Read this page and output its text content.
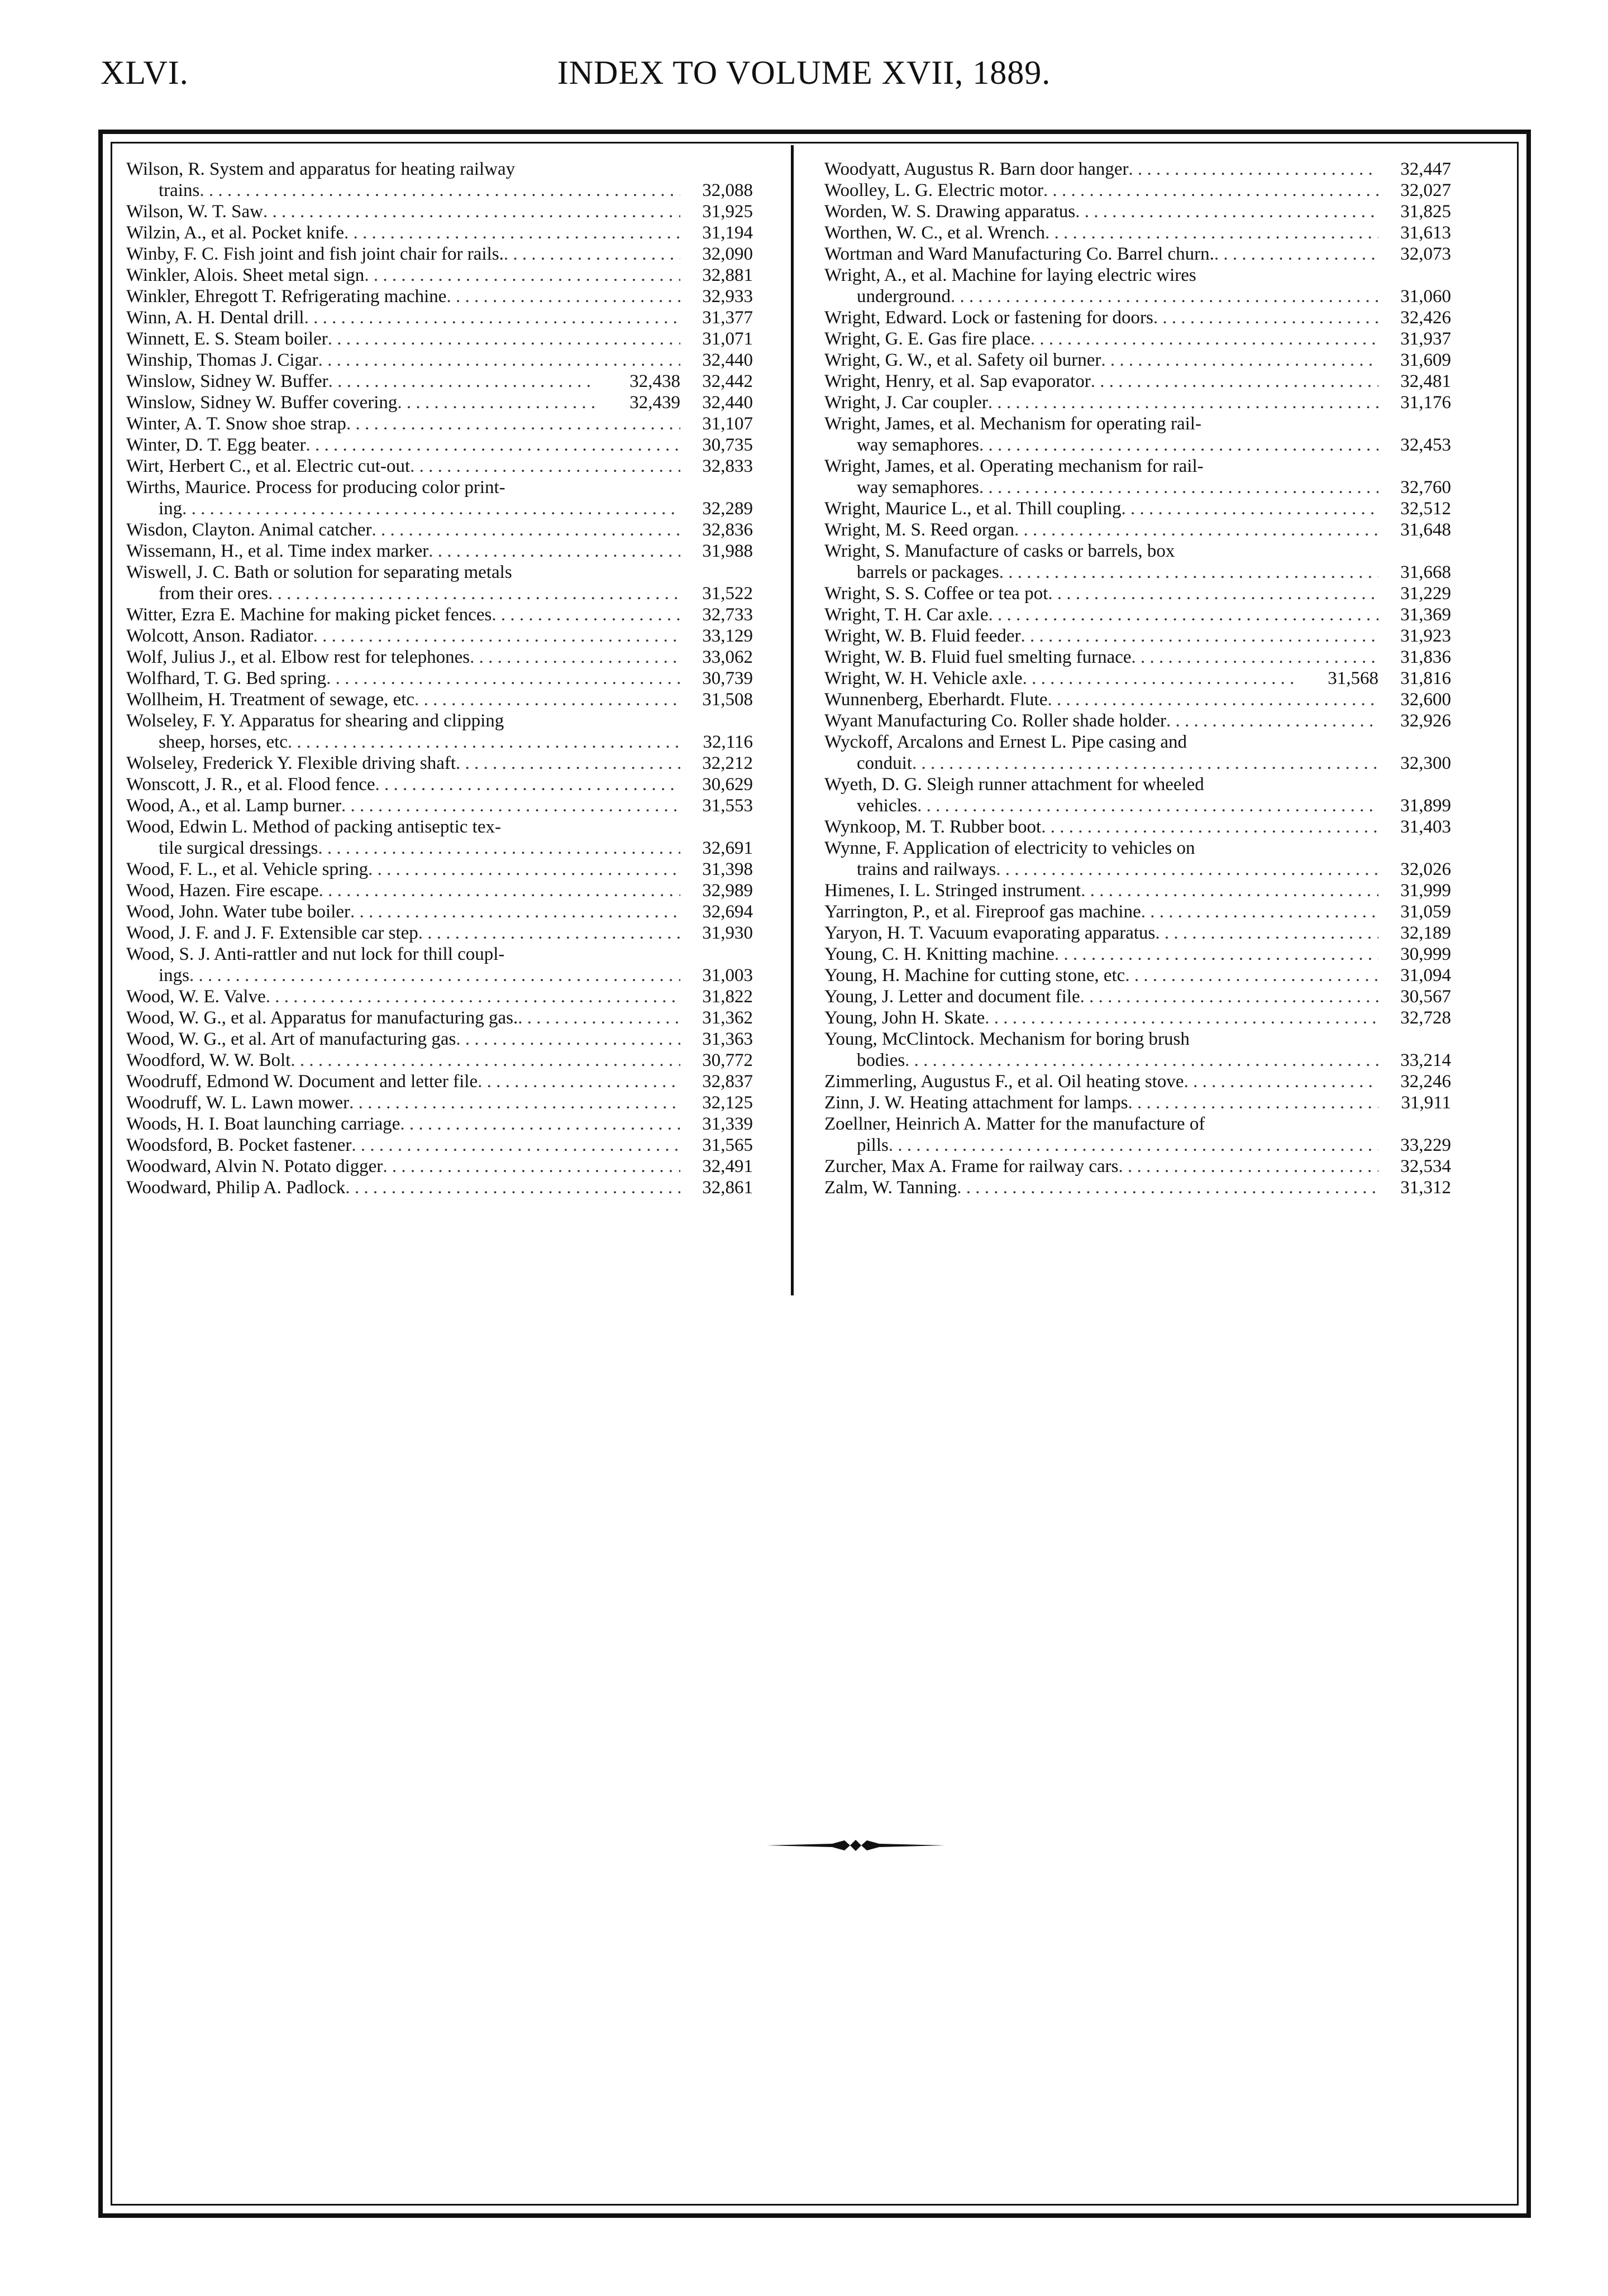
XLVI.	INDEX TO VOLUME XVII, 1889.
Wilson, R. System and apparatus for heating railway
trains . . .	32,088
Wilson, W. T. Saw . . .	31,925
Wilzin, A., et al. Pocket knife . . .	31,194
Winby, F. C. Fish joint and fish joint chair for rails. . . .	32,090
Winkler, Alois. Sheet metal sign . . .	32,881
Winkler, Ehregott T. Refrigerating machine . . .	32,933
Winn, A. H. Dental drill . . .	31,377
Winnett, E. S. Steam boiler . . .	31,071
Winship, Thomas J. Cigar . . .	32,440
Winslow, Sidney W. Buffer . . .	32,438	32,442
Winslow, Sidney W. Buffer covering . . .	32,439	32,440
Winter, A. T. Snow shoe strap . . .	31,107
Winter, D. T. Egg beater . . .	30,735
Wirt, Herbert C., et al. Electric cut-out . . .	32,833
Wirths, Maurice. Process for producing color print-
ing . . .	32,289
Wisdon, Clayton. Animal catcher . . .	32,836
Wissemann, H., et al. Time index marker . . .	31,988
Wiswell, J. C. Bath or solution for separating metals
from their ores . . .	31,522
Witter, Ezra E. Machine for making picket fences . . .	32,733
Wolcott, Anson. Radiator . . .	33,129
Wolf, Julius J., et al. Elbow rest for telephones . . .	33,062
Wolfhard, T. G. Bed spring . . .	30,739
Wollheim, H. Treatment of sewage, etc . . .	31,508
Wolseley, F. Y. Apparatus for shearing and clipping
sheep, horses, etc . . .	32,116
Wolseley, Frederick Y. Flexible driving shaft . . .	32,212
Wonscott, J. R., et al. Flood fence . . .	30,629
Wood, A., et al. Lamp burner . . .	31,553
Wood, Edwin L. Method of packing antiseptic tex-
tile surgical dressings . . .	32,691
Wood, F. L., et al. Vehicle spring . . .	31,398
Wood, Hazen. Fire escape . . .	32,989
Wood, John. Water tube boiler . . .	32,694
Wood, J. F. and J. F. Extensible car step . . .	31,930
Wood, S. J. Anti-rattler and nut lock for thill coupl-
ings . . .	31,003
Wood, W. E. Valve . . .	31,822
Wood, W. G., et al. Apparatus for manufacturing gas. . . .	31,362
Wood, W. G., et al. Art of manufacturing gas . . .	31,363
Woodford, W. W. Bolt . . .	30,772
Woodruff, Edmond W. Document and letter file . . .	32,837
Woodruff, W. L. Lawn mower . . .	32,125
Woods, H. I. Boat launching carriage . . .	31,339
Woodsford, B. Pocket fastener . . .	31,565
Woodward, Alvin N. Potato digger . . .	32,491
Woodward, Philip A. Padlock . . .	32,861
Woodyatt, Augustus R. Barn door hanger . . .	32,447
Woolley, L. G. Electric motor . . .	32,027
Worden, W. S. Drawing apparatus . . .	31,825
Worthen, W. C., et al. Wrench . . .	31,613
Wortman and Ward Manufacturing Co. Barrel churn. . . .	32,073
Wright, A., et al. Machine for laying electric wires
underground . . .	31,060
Wright, Edward. Lock or fastening for doors . . .	32,426
Wright, G. E. Gas fire place . . .	31,937
Wright, G. W., et al. Safety oil burner . . .	31,609
Wright, Henry, et al. Sap evaporator . . .	32,481
Wright, J. Car coupler . . .	31,176
Wright, James, et al. Mechanism for operating rail-
way semaphores . . .	32,453
Wright, James, et al. Operating mechanism for rail-
way semaphores . . .	32,760
Wright, Maurice L., et al. Thill coupling . . .	32,512
Wright, M. S. Reed organ . . .	31,648
Wright, S. Manufacture of casks or barrels, box
barrels or packages . . .	31,668
Wright, S. S. Coffee or tea pot . . .	31,229
Wright, T. H. Car axle . . .	31,369
Wright, W. B. Fluid feeder . . .	31,923
Wright, W. B. Fluid fuel smelting furnace . . .	31,836
Wright, W. H. Vehicle axle . . .	31,568	31,816
Wunnenberg, Eberhardt. Flute . . .	32,600
Wyant Manufacturing Co. Roller shade holder . . .	32,926
Wyckoff, Arcalons and Ernest L. Pipe casing and
conduit . . .	32,300
Wyeth, D. G. Sleigh runner attachment for wheeled
vehicles . . .	31,899
Wynkoop, M. T. Rubber boot . . .	31,403
Wynne, F. Application of electricity to vehicles on
trains and railways . . .	32,026
Himenes, I. L. Stringed instrument . . .	31,999
Yarrington, P., et al. Fireproof gas machine . . .	31,059
Yaryon, H. T. Vacuum evaporating apparatus . . .	32,189
Young, C. H. Knitting machine . . .	30,999
Young, H. Machine for cutting stone, etc . . .	31,094
Young, J. Letter and document file . . .	30,567
Young, John H. Skate . . .	32,728
Young, McClintock. Mechanism for boring brush
bodies . . .	33,214
Zimmerling, Augustus F., et al. Oil heating stove . . .	32,246
Zinn, J. W. Heating attachment for lamps . . .	31,911
Zoellner, Heinrich A. Matter for the manufacture of
pills . . .	33,229
Zurcher, Max A. Frame for railway cars . . .	32,534
Zalm, W. Tanning . . .	31,312
